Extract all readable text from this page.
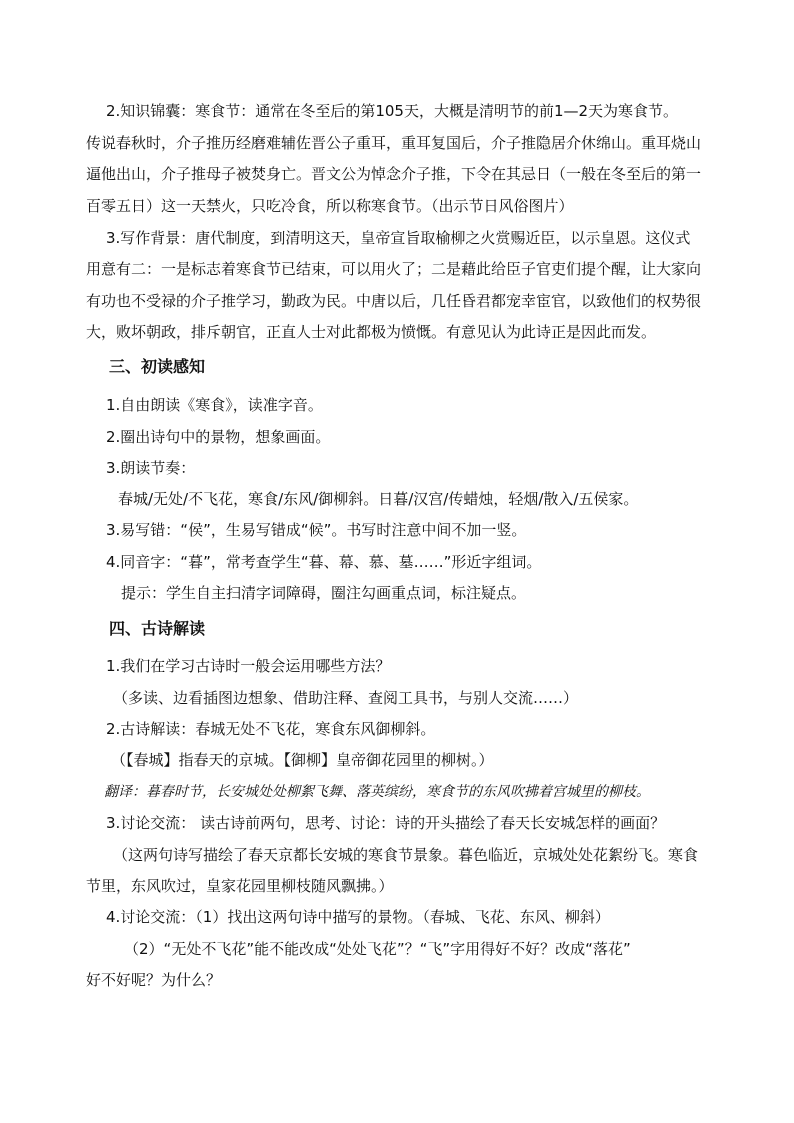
2.知识锦囊：寒食节：通常在冬至后的第105天，大概是清明节的前1—2天为寒食节。
传说春秋时，介子推历经磨难辅佐晋公子重耳，重耳复国后，介子推隐居介休绵山。重耳烧山
逼他出山，介子推母子被焚身亡。晋文公为悼念介子推，下令在其忌日（一般在冬至后的第一
百零五日）这一天禁火，只吃冷食，所以称寒食节。（出示节日风俗图片）
3.写作背景：唐代制度，到清明这天，皇帝宣旨取榆柳之火赏赐近臣，以示皇恩。这仪式
用意有二：一是标志着寒食节已结束，可以用火了；二是藉此给臣子官吏们提个醒，让大家向
有功也不受禄的介子推学习，勤政为民。中唐以后，几任昏君都宠幸宦官，以致他们的权势很
大，败坏朝政，排斥朝官，正直人士对此都极为愤慨。有意见认为此诗正是因此而发。
三、初读感知
1.自由朗读《寒食》，读准字音。
2.圈出诗句中的景物，想象画面。
3.朗读节奏：
春城/无处/不飞花，寒食/东风/御柳斜。日暮/汉宫/传蜡烛，轻烟/散入/五侯家。
3.易写错：“侯”，生易写错成“候”。书写时注意中间不加一竖。
4.同音字：“暮”，常考查学生“暮、幕、慕、墓……”形近字组词。
提示：学生自主扫清字词障碍，圈注勾画重点词，标注疑点。
四、古诗解读
1.我们在学习古诗时一般会运用哪些方法？
（多读、边看插图边想象、借助注释、查阅工具书，与别人交流……）
2.古诗解读：春城无处不飞花，寒食东风御柳斜。
（【春城】指春天的京城。【御柳】皇帝御花园里的柳树。）
翻译：暮春时节，长安城处处柳絮飞舞、落英缤纷，寒食节的东风吹拂着宫城里的柳枝。
3.讨论交流： 读古诗前两句，思考、讨论：诗的开头描绘了春天长安城怎样的画面？
（这两句诗写描绘了春天京都长安城的寒食节景象。暮色临近，京城处处花絮纷飞。寒食
节里，东风吹过，皇家花园里柳枝随风飘拂。）
4.讨论交流：（1）找出这两句诗中描写的景物。（春城、飞花、东风、柳斜）
（2）“无处不飞花”能不能改成“处处飞花”？“飞”字用得好不好？改成“落花”
好不好呢？为什么？
